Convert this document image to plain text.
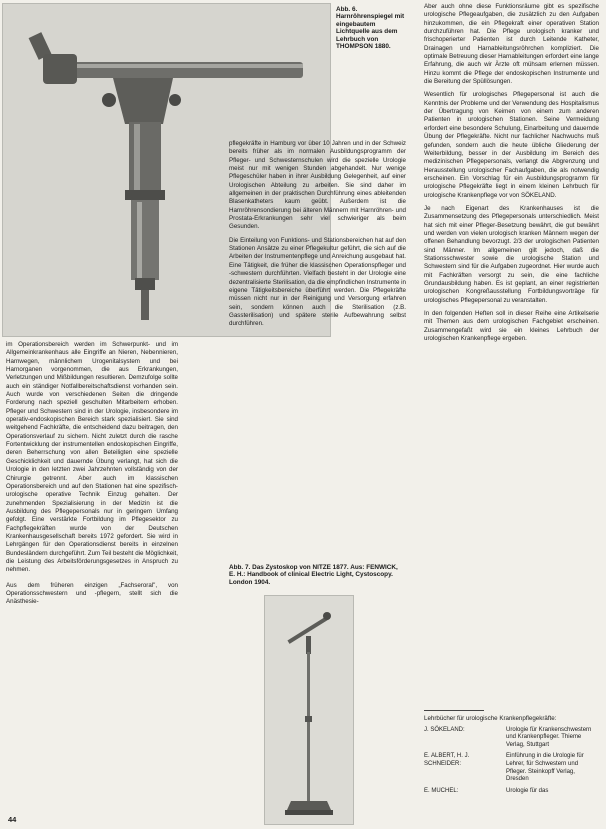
Abb. 6. Harnröhrenspiegel mit eingebautem Lichtquelle aus dem Lehrbuch von THOMPSON 1880.

im Operationsbereich werden im Schwerpunkt- und im Allgemeinkrankenhaus alle Eingriffe an Nieren, Nebennieren, Harnwegen, männlichem Urogenitalsystem und bei Harnorganen vorgenommen, die aus Erkrankungen, Verletzungen und Mißbildungen resultieren. Demzufolge sollte auch ein ständiger Notfallbereitschaftsdienst vorhanden sein. Auch wurde von verschiedenen Seiten die dringende Forderung nach speziell geschulten Mitarbeitern erhoben. Pfleger und Schwestern sind in der Urologie, insbesondere im operativ-endoskopischen Bereich stark spezialisiert. Sie sind weitgehend Fachkräfte, die entscheidend dazu beitragen, den Operationsverlauf zu sichern. Nicht zuletzt durch die rasche Fortentwicklung der instrumentellen endoskopischen Eingriffe, deren Beherrschung von allen Beteiligten eine spezielle Geschicklichkeit und dauernde Übung verlangt, hat sich die Urologie in den letzten zwei Jahrzehnten vollständig von der Chirurgie getrennt. Aber auch im klassischen Operationsbereich und auf den Stationen hat eine spezifisch-urologische operative Technik Einzug gehalten. Der zunehmenden Spezialisierung in der Medizin ist die Ausbildung des Pflegepersonals nur in geringem Umfang gefolgt. Eine verstärkte Fortbildung im Pflegesektor zu Fachpflegekräften wurde von der Deutschen Krankenhausgesellschaft bereits 1972 gefordert. Sie wird in Lehrgängen für den Operationsdienst bereits in einzelnen Bundesländern durchgeführt. Zum Teil besteht die Möglichkeit, die Leistung des Arbeitsförderungsgesetzes in Anspruch zu nehmen.

Aus dem früheren einzigen „Fachseroral", von Operationsschwestern und -pflegern, stellt sich die Anästhesie-

pflegekräfte in Hamburg vor über 10 Jahren und in der Schweiz bereits früher als im normalen Ausbildungsprogramm der Pfleger- und Schwesternschulen wird die spezielle Urologie meist nur mit wenigen Stunden abgehandelt. Nur wenige Pflegeschüler haben in ihrer Ausbildung Gelegenheit, auf einer Urologischen Abteilung zu arbeiten. Sie sind daher im allgemeinen in der praktischen Durchführung eines ableitenden Blasenkatheters kaum geübt. Außerdem ist die Harnröhrensondierung bei älteren Männern mit Harnröhren- und Prostata-Erkrankungen sehr viel schwieriger als beim Gesunden.

Die Einteilung von Funktions- und Stationsbereichen hat auf den Stationen Ansätze zu einer Pflegekultur geführt, die sich auf die Arbeiten der Instrumentenpflege und Anreichung ausgebaut hat. Eine Tätigkeit, die früher die klassischen Operationspfleger und -schwestern durchführten. Vielfach besteht in der Urologie eine dezentralisierte Sterilisation, da die empfindlichen Instrumente in eigene Tätigkeitsbereiche überführt werden. Die Pflegekräfte müssen nicht nur in der Reinigung und Versorgung erfahren sein, sondern können auch die Sterilisation (z.B. Gassterilisation) und spätere sterile Aufbewahrung selbst durchführen.

Abb. 7. Das Zystoskop von NITZE 1877. Aus: FENWICK, E. H.: Handbook of clinical Electric Light, Cystoscopy. London 1904.

Aber auch ohne diese Funktionsräume gibt es spezifische urologische Pflegeaufgaben, die zusätzlich zu den Aufgaben hinzukommen, die ein Pflegekraft einer operativen Station durchzuführen hat. Die Pflege urologisch kranker und frischoperierter Patienten ist durch Leitende Katheter, Drainagen und Harnableitungsröhrchen kompliziert. Die optimale Betreuung dieser Harnableitungen erfordert eine lange Erfahrung, die auch wir Ärzte oft mühsam erlernen müssen. Hinzu kommt die Pflege der endoskopischen Instrumente und die Bereitung der Spüllösungen.

Wesentlich für urologisches Pflegepersonal ist auch die Kenntnis der Probleme und der Verwendung des Hospitalismus der Übertragung von Keimen von einem zum anderen Patienten in urologischen Stationen. Seine Vermeidung erfordert eine besondere Schulung, Einarbeitung und dauernde Übung der Pflegekräfte. Nicht nur fachlicher Nachwuchs muß gefunden, sondern auch die heute übliche Gliederung der Weiterbildung, besser in der Ausbildung im Bereich des medizinischen Pflegepersonals, verlangt die Abgrenzung und Herausstellung urologischer Fachaufgaben, die als notwendig erscheinen. Ein Vorschlag für ein Ausbildungsprogramm für urologische Pflegekräfte liegt in einem kleinen Lehrbuch für urologische Krankenpflege vor von SÖKELAND.

Je nach Eigenart des Krankenhauses ist die Zusammensetzung des Pflegepersonals unterschiedlich. Meist hat sich mit einer Pfleger-Besetzung bewährt, die gut bewährt und werden von vielen urologisch kranken Männern wegen der offenen Behandlung bevorzugt. 2/3 der urologischen Patienten sind Männer. Im allgemeinen gilt jedoch, daß die Stationsschwester sowie die urologische Station und Schwestern sind für die Aufgaben zugeordnet. Hier wurde auch mit Fachkräften versorgt zu sein, die eine fachliche Grundausbildung haben. Es ist geplant, an einer registrierten urologischen Kongreßausstellung Fortbildungsvorträge für urologisches Pflegepersonal zu veranstalten.

In den folgenden Heften soll in dieser Reihe eine Artikelserie mit Themen aus dem urologischen Fachgebiet erscheinen. Zusammengefaßt wird sie ein kleines Lehrbuch der urologischen Krankenpflege ergeben.

Lehrbücher für urologische Krankenpflegekräfte:
J. SÖKELAND:	Urologie für Krankenschwestern und Krankenpfleger. Thieme Verlag, Stuttgart
E. ALBERT, H. J. SCHNEIDER:
Einführung in die Urologie für Lehrer, für Schwestern und Pfleger. Steinkopff Verlag, Dresden
E. MUCHEL:	Urologie für das
44
